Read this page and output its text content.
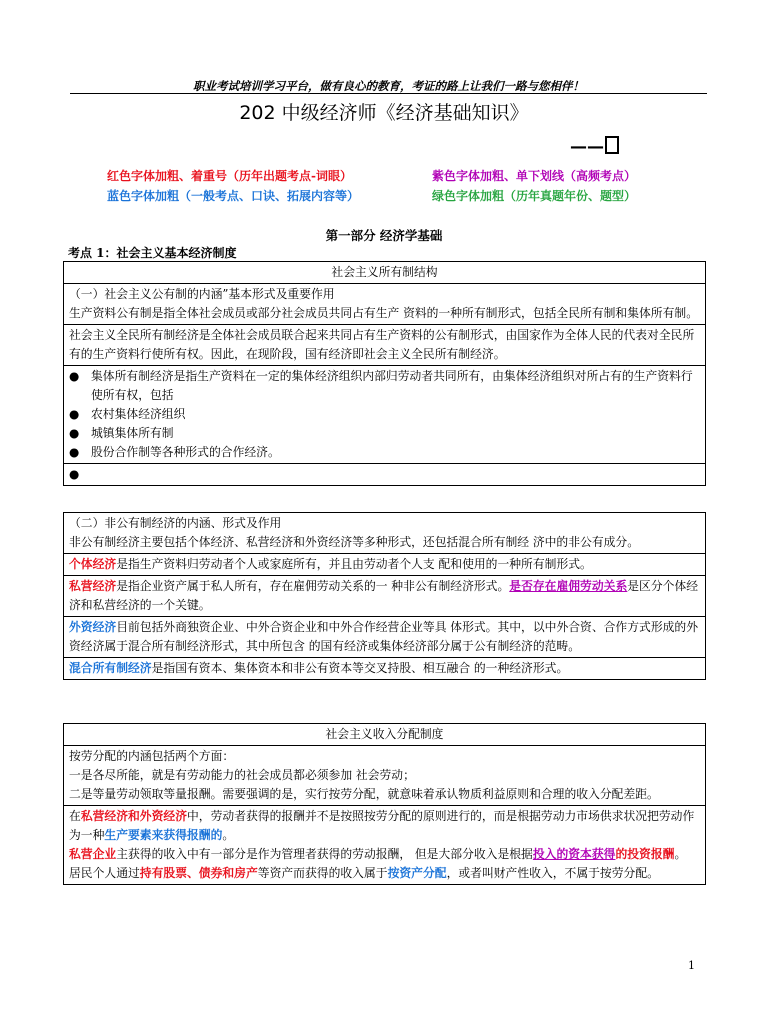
职业考试培训学习平台，做有良心的教育，考证的路上让我们一路与您相伴！
202 中级经济师《经济基础知识》
——
红色字体加粗、着重号（历年出题考点-词眼）	紫色字体加粗、单下划线（高频考点）
蓝色字体加粗（一般考点、口诀、拓展内容等）	绿色字体加粗（历年真题年份、题型）
第一部分 经济学基础
考点 1：社会主义基本经济制度
社会主义所有制结构

（一）社会主义公有制的内涵”基本形式及重要作用
生产资料公有制是指全体社会成员或部分社会成员共同占有生产 资料的一种所有制形式，包括全民所有制和集体所有制。

社会主义全民所有制经济是全体社会成员联合起来共同占有生产资料的公有制形式，由国家作为全体人民的代表对全民所有的生产资料行使所有权。因此，在现阶段，国有经济即社会主义全民所有制经济。

● 集体所有制经济是指生产资料在一定的集体经济组织内部归劳动者共同所有，由集体经济组织对所占有的生产资料行使所有权，包括
● 农村集体经济组织
● 城镇集体所有制
● 股份合作制等各种形式的合作经济。

●
（二）非公有制经济的内涵、形式及作用
非公有制经济主要包括个体经济、私营经济和外资经济等多种形式，还包括混合所有制经 济中的非公有成分。

个体经济是指生产资料归劳动者个人或家庭所有，并且由劳动者个人支 配和使用的一种所有制形式。
私营经济是指企业资产属于私人所有，存在雇佣劳动关系的一 种非公有制经济形式。是否存在雇佣劳动关系是区分个体经济和私营经济的一个关键。
外资经济目前包括外商独资企业、中外合资企业和中外合作经营企业等具 体形式。其中，以中外合资、合作方式形成的外资经济属于混合所有制经济形式，其中所包含 的国有经济或集体经济部分属于公有制经济的范畴。
混合所有制经济是指国有资本、集体资本和非公有资本等交叉持股、相互融合 的一种经济形式。
社会主义收入分配制度

按劳分配的内涵包括两个方面：
一是各尽所能，就是有劳动能力的社会成员都必须参加 社会劳动；
二是等量劳动领取等量报酬。需要强调的是，实行按劳分配，就意味着承认物质利益原则和合理的收入分配差距。

在私营经济和外资经济中，劳动者获得的报酬并不是按照按劳分配的原则进行的，而是根据劳动力市场供求状况把劳动作为一种生产要素来获得报酬的。
私营企业主获得的收入中有一部分是作为管理者获得的劳动报酬， 但是大部分收入是根据投入的资本获得的投资报酬。
居民个人通过持有股票、债券和房产等资产而获得的收入属于按资产分配，或者叫财产性收入，不属于按劳分配。
1
